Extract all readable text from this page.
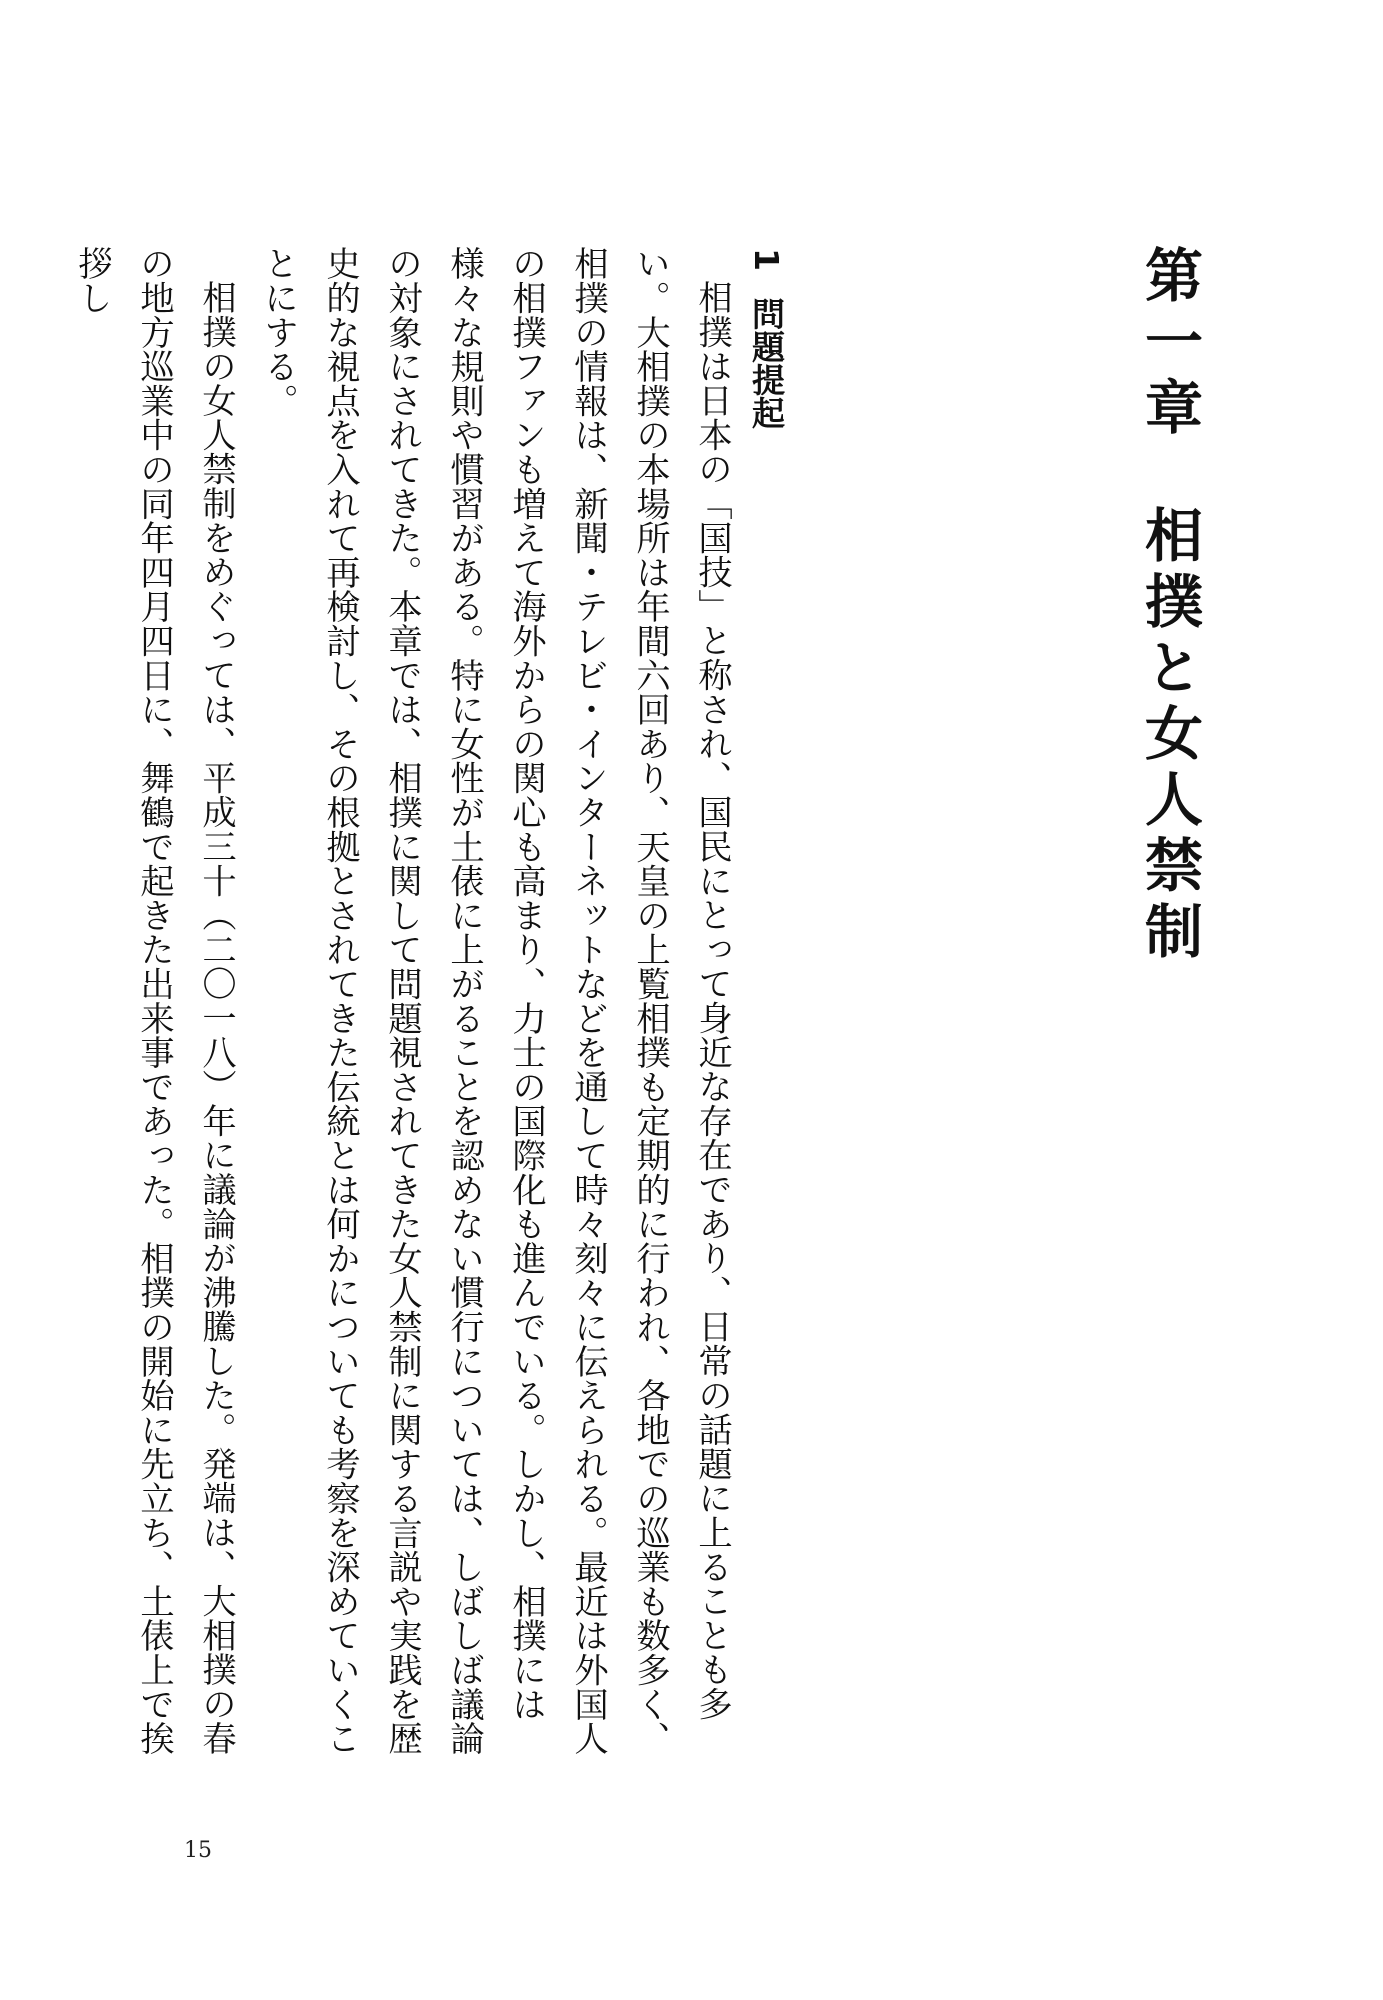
第一章相撲と女人禁制
1問題提起

相撲は日本の「国技」と称され、国民にとって身近な存在であり、日常の話題に上ることも多い。大相撲の本場所は年間六回あり、天皇の上覧相撲も定期的に行われ、各地での巡業も数多く、相撲の情報は、新聞・テレビ・インターネットなどを通して時々刻々に伝えられる。最近は外国人の相撲ファンも増えて海外からの関心も高まり、力士の国際化も進んでいる。しかし、相撲には様々な規則や慣習がある。特に女性が土俵に上がることを認めない慣行については、しばしば議論の対象にされてきた。本章では、相撲に関して問題視されてきた女人禁制に関する言説や実践を歴史的な視点を入れて再検討し、その根拠とされてきた伝統とは何かについても考察を深めていくことにする。

相撲の女人禁制をめぐっては、平成三十（二〇一八）年に議論が沸騰した。発端は、大相撲の春の地方巡業中の同年四月四日に、舞鶴で起きた出来事であった。相撲の開始に先立ち、土俵上で挨拶し

15
